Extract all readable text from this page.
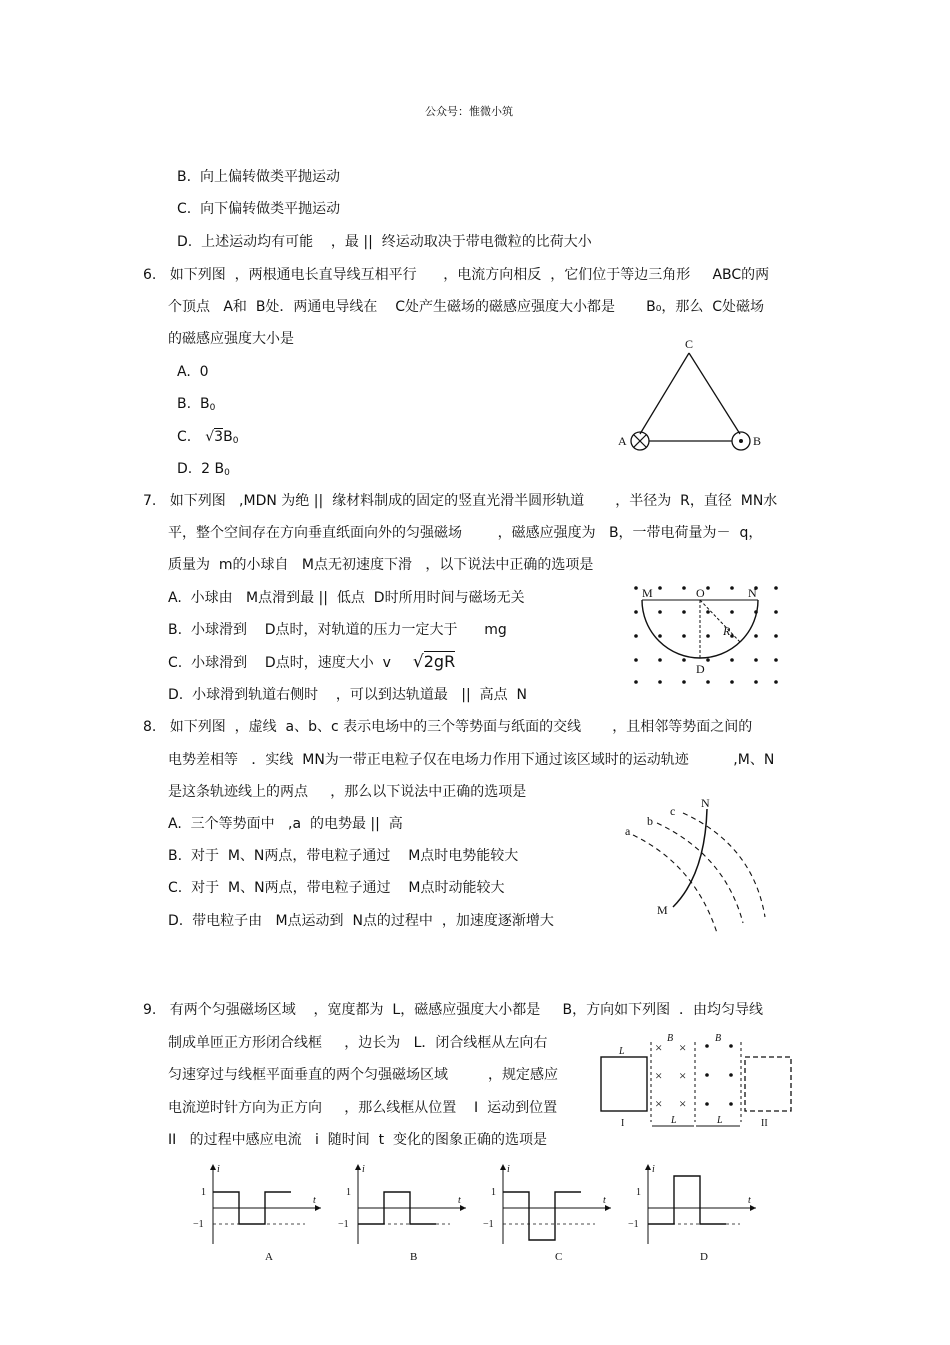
公众号：惟微小筑
B.  向上偏转做类平抛运动
C.  向下偏转做类平抛运动
D.  上述运动均有可能    ，最 ||  终运动取决于带电微粒的比荷大小
6.   如下列图  ，两根通电长直导线互相平行      ，电流方向相反  ，它们位于等边三角形     ABC的两
个顶点   A和  B处．两通电导线在    C处产生磁场的磁感应强度大小都是       B₀，那么  C处磁场
的磁感应强度大小是
A.  0
B.  $B_0$
C. $√3B_0$
D.  2 $B_0$
C
A	B
7.   如下列图   ,MDN 为绝 ||  缘材料制成的固定的竖直光滑半圆形轨道       ，半径为  R，直径  MN水
平，整个空间存在方向垂直纸面向外的匀强磁场        ，磁感应强度为   B，一带电荷量为－  q，
质量为  m的小球自   M点无初速度下滑   ，以下说法中正确的选项是
A.  小球由   M点滑到最 ||  低点  D时所用时间与磁场无关
B.  小球滑到    D点时，对轨道的压力一定大于      mg
C.  小球滑到    D点时，速度大小  v √2gR
D.  小球滑到轨道右侧时    ，可以到达轨道最   ||  高点  N
M	O	N
R
D
8.   如下列图  ，虚线  a、b、c 表示电场中的三个等势面与纸面的交线       ，且相邻等势面之间的
电势差相等   ．实线  MN为一带正电粒子仅在电场力作用下通过该区域时的运动轨迹          ,M、N
是这条轨迹线上的两点     ，那么以下说法中正确的选项是
A.  三个等势面中   ,a  的电势最 ||  高
B.  对于  M、N两点，带电粒子通过    M点时电势能较大
C.  对于  M、N两点，带电粒子通过    M点时动能较大
D.  带电粒子由   M点运动到  N点的过程中  ，加速度逐渐增大
a
b
c
N
M
9.   有两个匀强磁场区域    ，宽度都为  L，磁感应强度大小都是     B，方向如下列图  ．由均匀导线
制成单匝正方形闭合线框     ，边长为   L．闭合线框从左向右
匀速穿过与线框平面垂直的两个匀强磁场区域         ，规定感应
电流逆时针方向为正方向     ，那么线框从位置    I  运动到位置
II   的过程中感应电流   i  随时间  t  变化的图象正确的选项是
L
I
× ×
× ×
× ×
B	B
II
L	L
i
t
1
−1
A
i
t
1
−1
B
i
t
1
−1
C
i
t
1
−1
D
